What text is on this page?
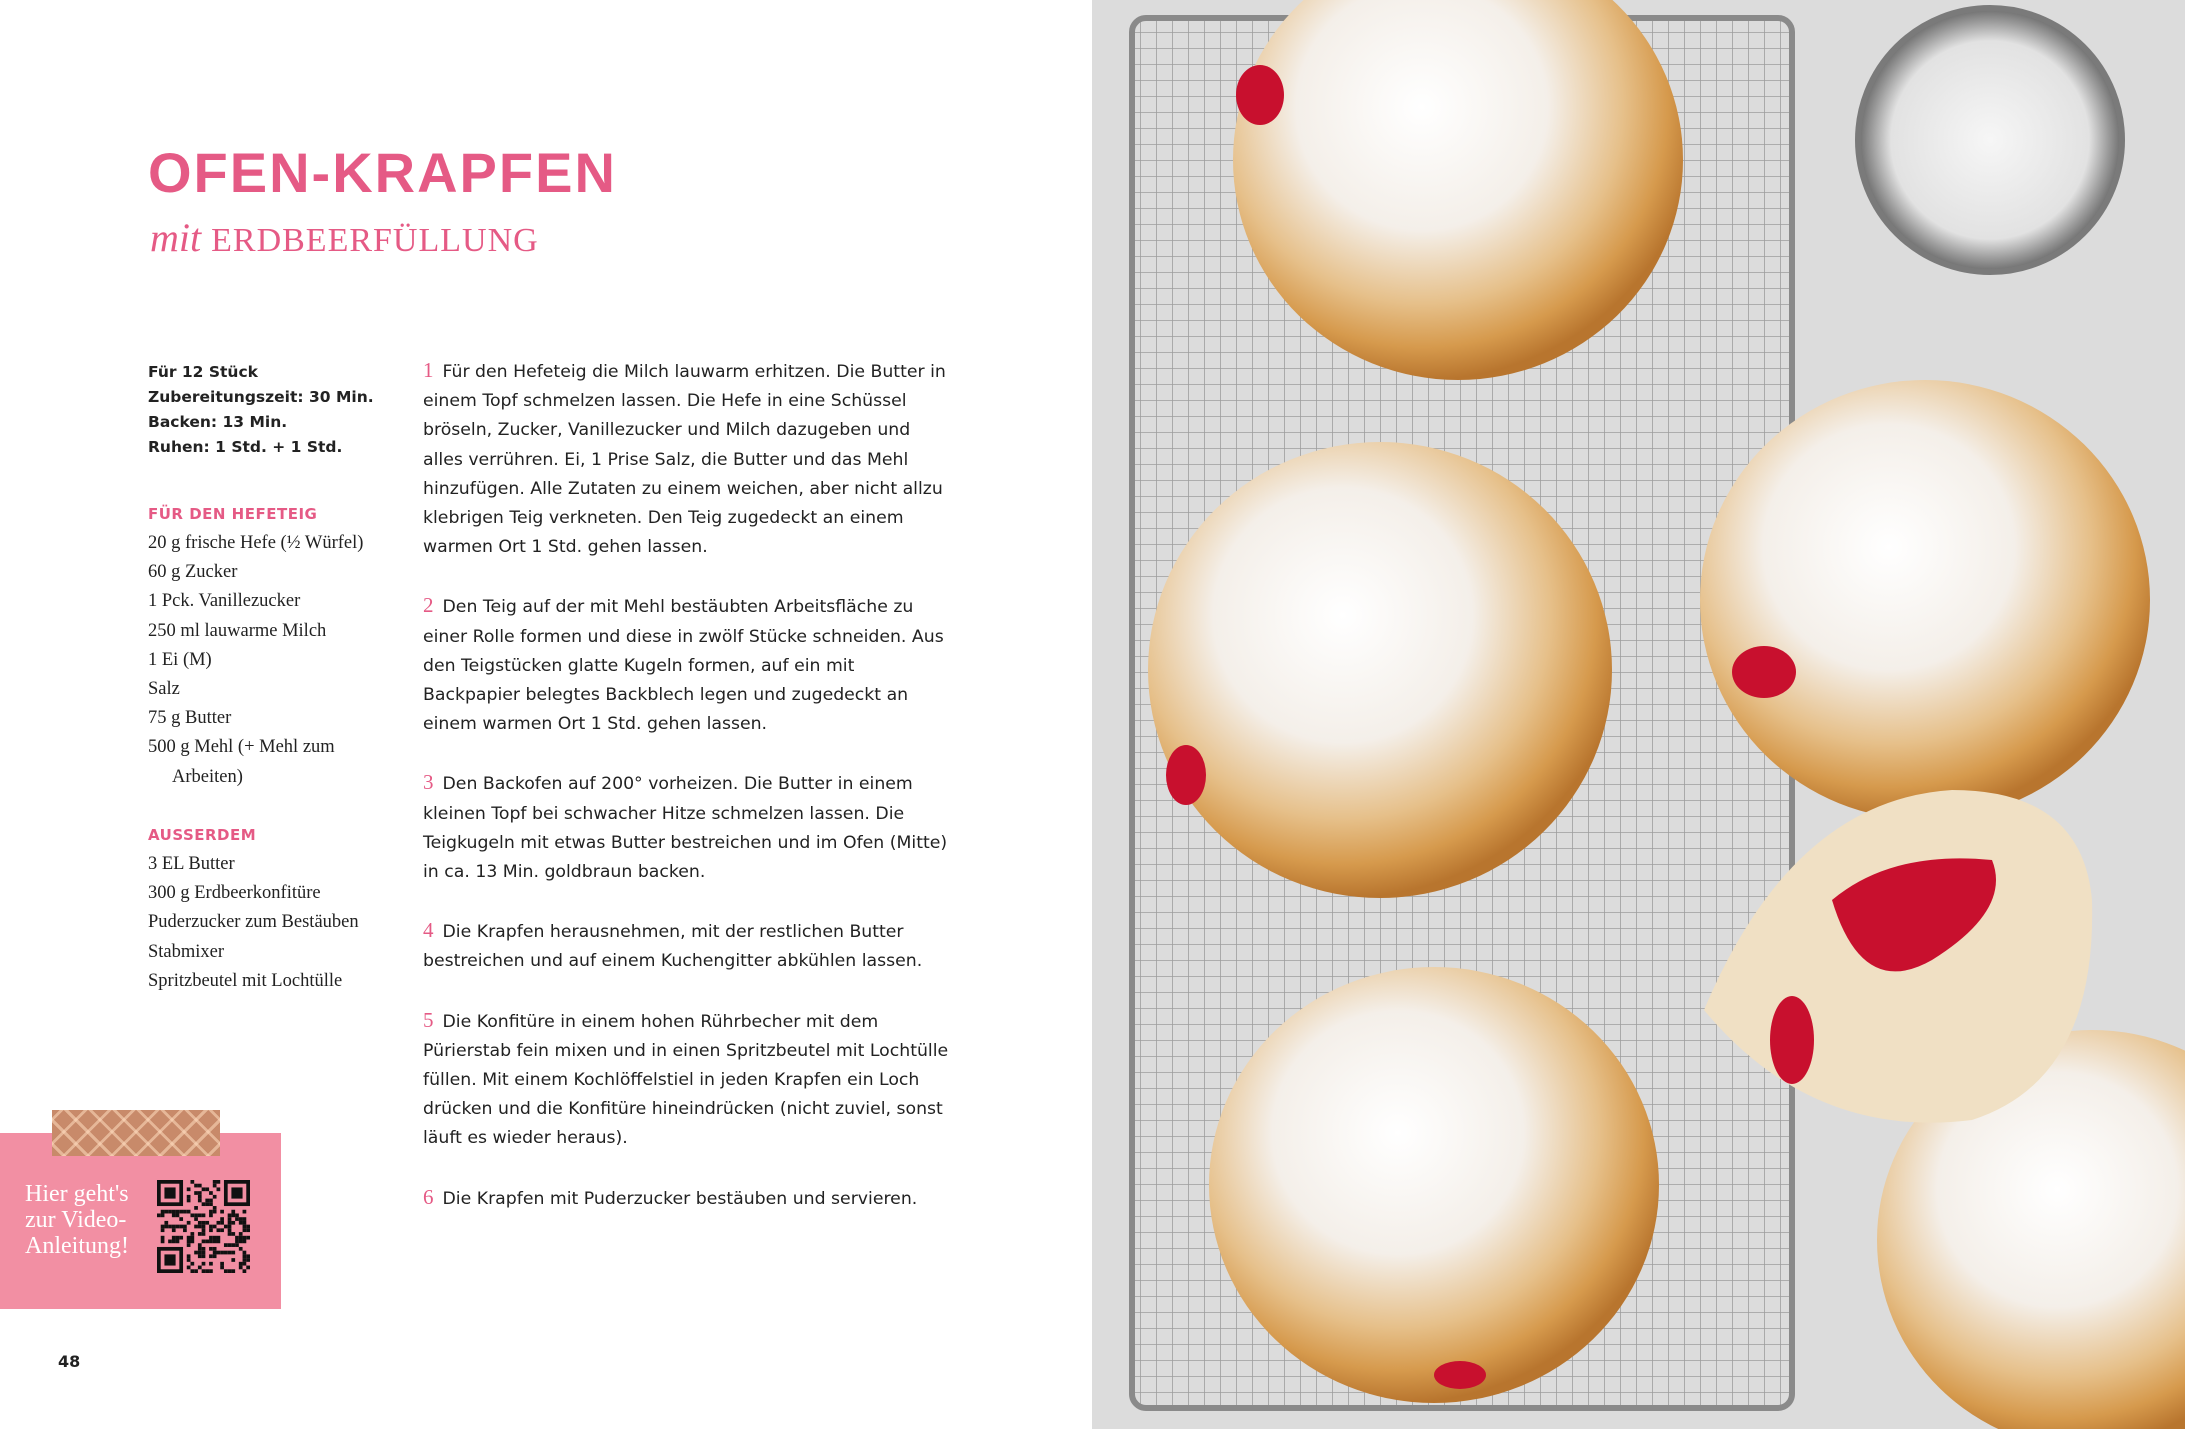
OFEN-KRAPFEN
mit ERDBEERFÜLLUNG
Für 12 Stück
Zubereitungszeit: 30 Min.
Backen: 13 Min.
Ruhen: 1 Std. + 1 Std.
FÜR DEN HEFETEIG
20 g frische Hefe (½ Würfel)
60 g Zucker
1 Pck. Vanillezucker
250 ml lauwarme Milch
1 Ei (M)
Salz
75 g Butter
500 g Mehl (+ Mehl zum Arbeiten)
AUSSERDEM
3 EL Butter
300 g Erdbeerkonfitüre
Puderzucker zum Bestäuben
Stabmixer
Spritzbeutel mit Lochtülle

1 Für den Hefeteig die Milch lauwarm erhitzen. Die Butter in einem Topf schmelzen lassen. Die Hefe in eine Schüssel bröseln, Zucker, Vanillezucker und Milch dazugeben und alles verrühren. Ei, 1 Prise Salz, die Butter und das Mehl hinzufügen. Alle Zutaten zu einem weichen, aber nicht allzu klebrigen Teig verkneten. Den Teig zugedeckt an einem warmen Ort 1 Std. gehen lassen.

2 Den Teig auf der mit Mehl bestäubten Arbeitsfläche zu einer Rolle formen und diese in zwölf Stücke schneiden. Aus den Teigstücken glatte Kugeln formen, auf ein mit Backpapier belegtes Backblech legen und zugedeckt an einem warmen Ort 1 Std. gehen lassen.

3 Den Backofen auf 200° vorheizen. Die Butter in einem kleinen Topf bei schwacher Hitze schmelzen lassen. Die Teigkugeln mit etwas Butter bestreichen und im Ofen (Mitte) in ca. 13 Min. goldbraun backen.

4 Die Krapfen herausnehmen, mit der restlichen Butter bestreichen und auf einem Kuchengitter abkühlen lassen.

5 Die Konfitüre in einem hohen Rührbecher mit dem Pürierstab fein mixen und in einen Spritzbeutel mit Lochtülle füllen. Mit einem Kochlöffelstiel in jeden Krapfen ein Loch drücken und die Konfitüre hineindrücken (nicht zuviel, sonst läuft es wieder heraus).

6 Die Krapfen mit Puderzucker bestäuben und servieren.

Hier geht's
zur Video-
Anleitung!
48
